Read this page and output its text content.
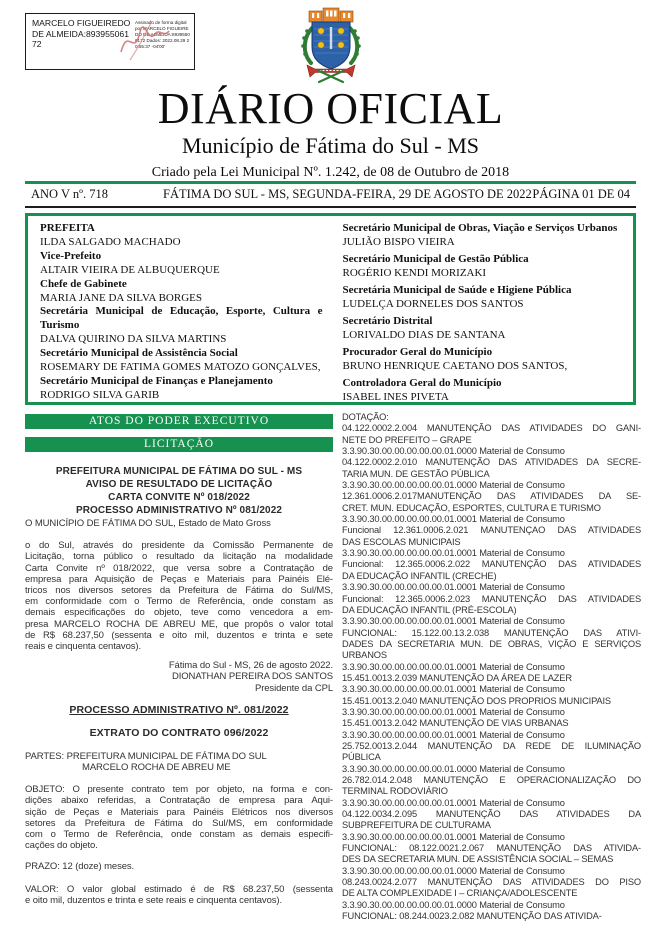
MARCELO FIGUEIREDO DE ALMEIDA:89395506172
Assinado de forma digital por MARCELO FIGUEIREDO DE ALMEIDA:89395506172 Dados: 2022.08.29 20:55:37 -04'00'
DIÁRIO OFICIAL
Município de Fátima do Sul - MS
Criado pela Lei Municipal Nº. 1.242, de 08 de Outubro de 2018
ANO V nº. 718	FÁTIMA DO SUL - MS, SEGUNDA-FEIRA, 29 DE AGOSTO DE 2022 PÁGINA 01 DE 04
PREFEITA
ILDA SALGADO MACHADO
Vice-Prefeito
ALTAIR VIEIRA DE ALBUQUERQUE
Chefe de Gabinete
MARIA JANE DA SILVA BORGES
Secretária Municipal de Educação, Esporte, Cultura e Turismo
DALVA QUIRINO DA SILVA MARTINS
Secretário Municipal de Assistência Social
ROSEMARY DE FATIMA GOMES MATOZO GONÇALVES,
Secretário Municipal de Finanças e Planejamento
RODRIGO SILVA GARIB
Secretário Municipal de Obras, Viação e Serviços Urbanos
JULIÃO BISPO VIEIRA
Secretário Municipal de Gestão Pública
ROGÉRIO KENDI MORIZAKI
Secretária Municipal de Saúde e Higiene Pública
LUDELÇA DORNELES DOS SANTOS
Secretário Distrital
LORIVALDO DIAS DE SANTANA
Procurador Geral do Município
BRUNO HENRIQUE CAETANO DOS SANTOS,
Controladora Geral do Município
ISABEL INES PIVETA
ATOS DO PODER EXECUTIVO
LICITAÇÃO
PREFEITURA MUNICIPAL DE FÁTIMA DO SUL - MS
AVISO DE RESULTADO DE LICITAÇÃO
CARTA CONVITE Nº 018/2022
PROCESSO ADMINISTRATIVO Nº 081/2022
O MUNICÍPIO DE FÁTIMA DO SUL, Estado de Mato Gross
o do Sul, através do presidente da Comissão Permanente de
Licitação, torna público o resultado da licitação na modalidade
Carta Convite nº 018/2022, que versa sobre a Contratação de
empresa para Aquisição de Peças e Materiais para Painéis Elé-
tricos nos diversos setores da Prefeitura de Fátima do Sul/MS,
em conformidade com o Termo de Referência, onde constam as
demais especificações do objeto, teve como vencedora a em-
presa MARCELO ROCHA DE ABREU ME, que propôs o valor total
de R$ 68.237,50 (sessenta e oito mil, duzentos e trinta e sete
reais e cinquenta centavos).
Fátima do Sul - MS, 26 de agosto 2022.
DIONATHAN PEREIRA DOS SANTOS
Presidente da CPL
PROCESSO ADMINISTRATIVO Nº. 081/2022
EXTRATO DO CONTRATO 096/2022
PARTES: PREFEITURA MUNICIPAL DE FÁTIMA DO SUL
MARCELO ROCHA DE ABREU ME
OBJETO: O presente contrato tem por objeto, na forma e con-
dições abaixo referidas, a Contratação de empresa para Aqui-
sição de Peças e Materiais para Painéis Elétricos nos diversos
setores da Prefeitura de Fátima do Sul/MS, em conformidade
com o Termo de Referência, onde constam as demais especifi-
cações do objeto.
PRAZO: 12 (doze) meses.
VALOR: O valor global estimado é de R$ 68.237,50 (sessenta
e oito mil, duzentos e trinta e sete reais e cinquenta centavos).
DOTAÇÃO:
04.122.0002.2.004 MANUTENÇÃO DAS ATIVIDADES DO GANI-
NETE DO PREFEITO – GRAPE
3.3.90.30.00.00.00.00.00.01.0000 Material de Consumo
04.122.0002.2.010 MANUTENÇÃO DAS ATIVIDADES DA SECRE-
TARIA MUN. DE GESTÃO PÚBLICA
3.3.90.30.00.00.00.00.00.01.0000 Material de Consumo
12.361.0006.2.017MANUTENÇÃO DAS ATIVIDADES DA SE-
CRET. MUN. EDUCAÇÃO, ESPORTES, CULTURA E TURISMO
3.3.90.30.00.00.00.00.00.01.0001 Material de Consumo
Funcional 12.361.0006.2.021 MANUTENÇAO DAS ATIVIDADES
DAS ESCOLAS MUNICIPAIS
3.3.90.30.00.00.00.00.00.01.0001 Material de Consumo
Funcional: 12.365.0006.2.022 MANUTENÇÃO DAS ATIVIDADES
DA EDUCAÇÃO INFANTIL (CRECHE)
3.3.90.30.00.00.00.00.00.01.0001 Material de Consumo
Funcional: 12.365.0006.2.023 MANUTENÇÃO DAS ATIVIDADES
DA EDUCAÇÃO INFANTIL (PRÉ-ESCOLA)
3.3.90.30.00.00.00.00.00.01.0001 Material de Consumo
FUNCIONAL: 15.122.00.13.2.038 MANUTENÇÃO DAS ATIVI-
DADES DA SECRETARIA MUN. DE OBRAS, VIÇÃO E SERVIÇOS
URBANOS
3.3.90.30.00.00.00.00.00.01.0001 Material de Consumo
15.451.0013.2.039 MANUTENÇÃO DA ÁREA DE LAZER
3.3.90.30.00.00.00.00.00.01.0001 Material de Consumo
15.451.0013.2.040 MANUTENÇÃO DOS PROPRIOS MUNICIPAIS
3.3.90.30.00.00.00.00.00.01.0001 Material de Consumo
15.451.0013.2.042 MANUTENÇÃO DE VIAS URBANAS
3.3.90.30.00.00.00.00.00.01.0001 Material de Consumo
25.752.0013.2.044 MANUTENÇÃO DA REDE DE ILUMINAÇÃO
PÚBLICA
3.3.90.30.00.00.00.00.00.01.0000 Material de Consumo
26.782.014.2.048 MANUTENÇÃO E OPERACIONALIZAÇÃO DO
TERMINAL RODOVIÁRIO
3.3.90.30.00.00.00.00.00.01.0001 Material de Consumo
04.122.0034.2.095 MANUTENÇÃO DAS ATIVIDADES DA
SUBPREFEITURA DE CULTURAMA
3.3.90.30.00.00.00.00.00.01.0001 Material de Consumo
FUNCIONAL: 08.122.0021.2.067 MANUTENÇÃO DAS ATIVIDA-
DES DA SECRETARIA MUN. DE ASSISTÊNCIA SOCIAL – SEMAS
3.3.90.30.00.00.00.00.00.01.0000 Material de Consumo
08.243.0024.2.077 MANUTENÇÃO DAS ATIVIDADES DO PISO
DE ALTA COMPLEXIDADE I – CRIANÇA/ADOLESCENTE
3.3.90.30.00.00.00.00.00.01.0000 Material de Consumo
FUNCIONAL: 08.244.0023.2.082 MANUTENÇÃO DAS ATIVIDA-
